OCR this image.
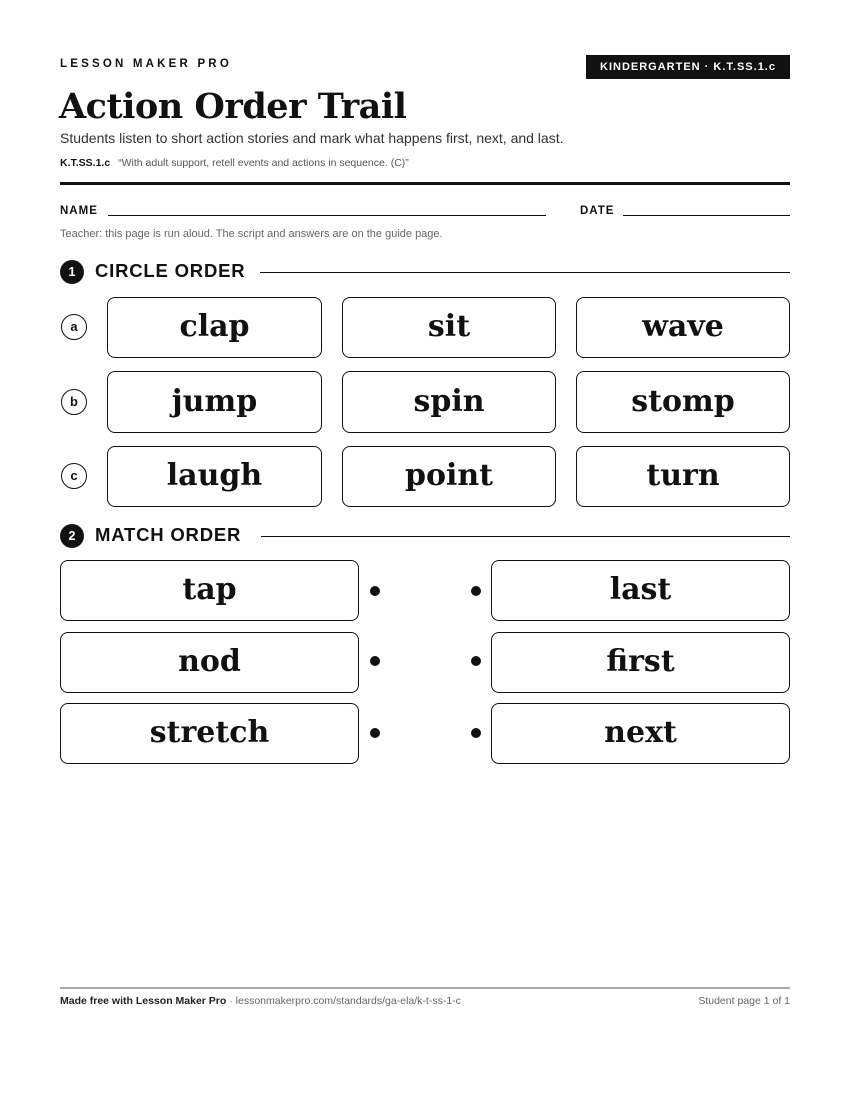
LESSON MAKER PRO	KINDERGARTEN · K.T.SS.1.c
Action Order Trail
Students listen to short action stories and mark what happens first, next, and last.
K.T.SS.1.c “With adult support, retell events and actions in sequence. (C)”
NAME	DATE
Teacher: this page is run aloud. The script and answers are on the guide page.
1	CIRCLE ORDER
a	clap	sit	wave
b	jump	spin	stomp
c	laugh	point	turn
2	MATCH ORDER
tap	last
nod	first
stretch	next
Made free with Lesson Maker Pro · lessonmakerpro.com/standards/ga-ela/k-t-ss-1-c	Student page 1 of 1
